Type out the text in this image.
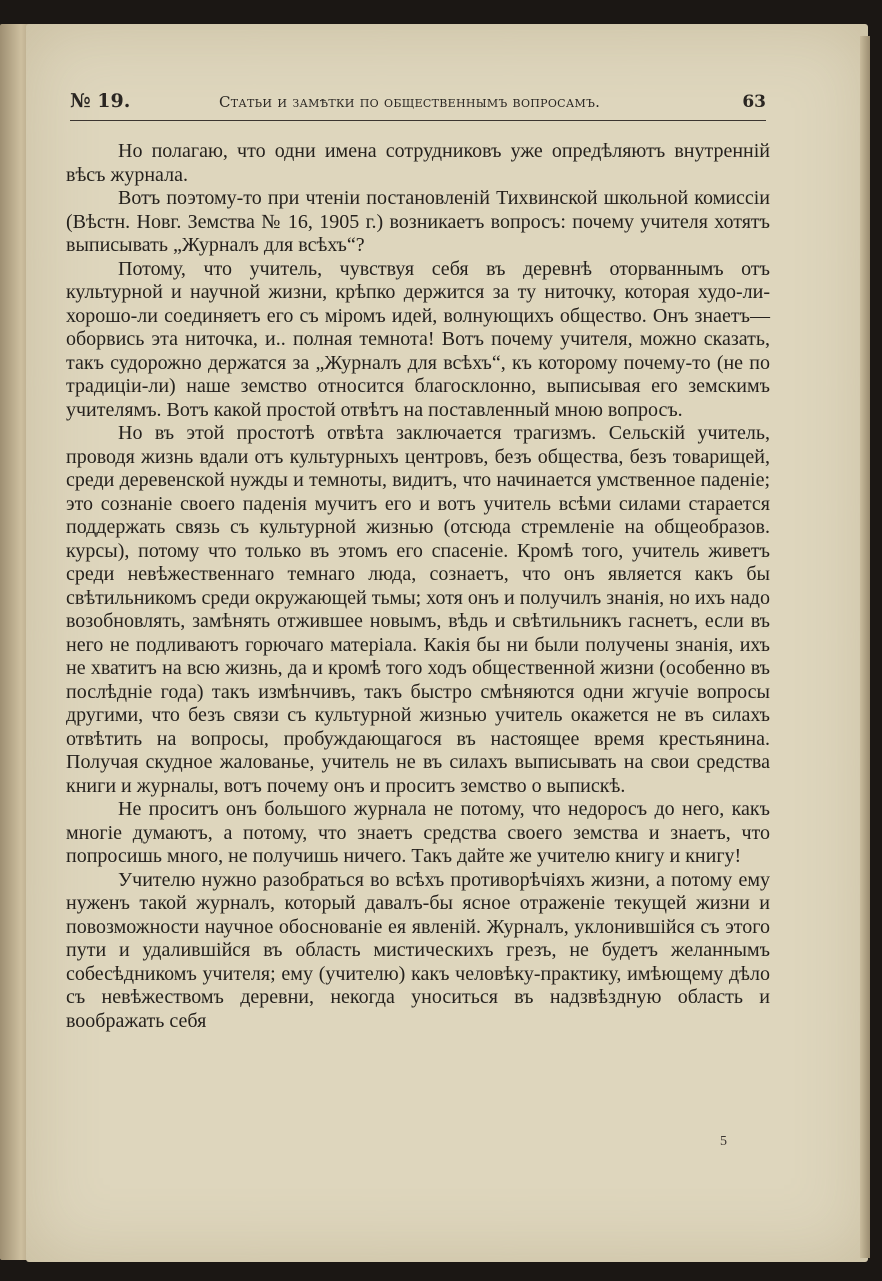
№ 19.	Статьи и замѣтки по общественнымъ вопросамъ.	63

Но полагаю, что одни имена сотрудниковъ уже опредѣляютъ внутренній вѣсъ журнала.

Вотъ поэтому-то при чтеніи постановленій Тихвинской школьной комиссіи (Вѣстн. Новг. Земства № 16, 1905 г.) возникаетъ вопросъ: почему учителя хотятъ выписывать „Журналъ для всѣхъ“?

Потому, что учитель, чувствуя себя въ деревнѣ оторваннымъ отъ культурной и научной жизни, крѣпко держится за ту ниточку, которая худо-ли-хорошо-ли соединяетъ его съ міромъ идей, волнующихъ общество. Онъ знаетъ—оборвись эта ниточка, и.. полная темнота! Вотъ почему учителя, можно сказать, такъ судорожно держатся за „Журналъ для всѣхъ“, къ которому почему-то (не по традиціи-ли) наше земство относится благосклонно, выписывая его земскимъ учителямъ. Вотъ какой простой отвѣтъ на поставленный мною вопросъ.

Но въ этой простотѣ отвѣта заключается трагизмъ. Сельскій учитель, проводя жизнь вдали отъ культурныхъ центровъ, безъ общества, безъ товарищей, среди деревенской нужды и темноты, видитъ, что начинается умственное паденіе; это сознаніе своего паденія мучитъ его и вотъ учитель всѣми силами старается поддержать связь съ культурной жизнью (отсюда стремленіе на общеобразов. курсы), потому что только въ этомъ его спасеніе. Кромѣ того, учитель живетъ среди невѣжественнаго темнаго люда, сознаетъ, что онъ является какъ бы свѣтильникомъ среди окружающей тьмы; хотя онъ и получилъ знанія, но ихъ надо возобновлять, замѣнять отжившее новымъ, вѣдь и свѣтильникъ гаснетъ, если въ него не подливаютъ горючаго матеріала. Какія бы ни были получены знанія, ихъ не хватитъ на всю жизнь, да и кромѣ того ходъ общественной жизни (особенно въ послѣдніе года) такъ измѣнчивъ, такъ быстро смѣняются одни жгучіе вопросы другими, что безъ связи съ культурной жизнью учитель окажется не въ силахъ отвѣтить на вопросы, пробуждающагося въ настоящее время крестьянина. Получая скудное жалованье, учитель не въ силахъ выписывать на свои средства книги и журналы, вотъ почему онъ и проситъ земство о выпискѣ.

Не проситъ онъ большого журнала не потому, что недоросъ до него, какъ многіе думаютъ, а потому, что знаетъ средства своего земства и знаетъ, что попросишь много, не получишь ничего. Такъ дайте же учителю книгу и книгу!

Учителю нужно разобраться во всѣхъ противорѣчіяхъ жизни, а потому ему нуженъ такой журналъ, который давалъ-бы ясное отраженіе текущей жизни и повозможности научное обоснованіе ея явленій. Журналъ, уклонившійся съ этого пути и удалившійся въ область мистическихъ грезъ, не будетъ желаннымъ собесѣдникомъ учителя; ему (учителю) какъ человѣку-практику, имѣющему дѣло съ невѣжествомъ деревни, некогда уноситься въ надзвѣздную область и воображать себя

5
